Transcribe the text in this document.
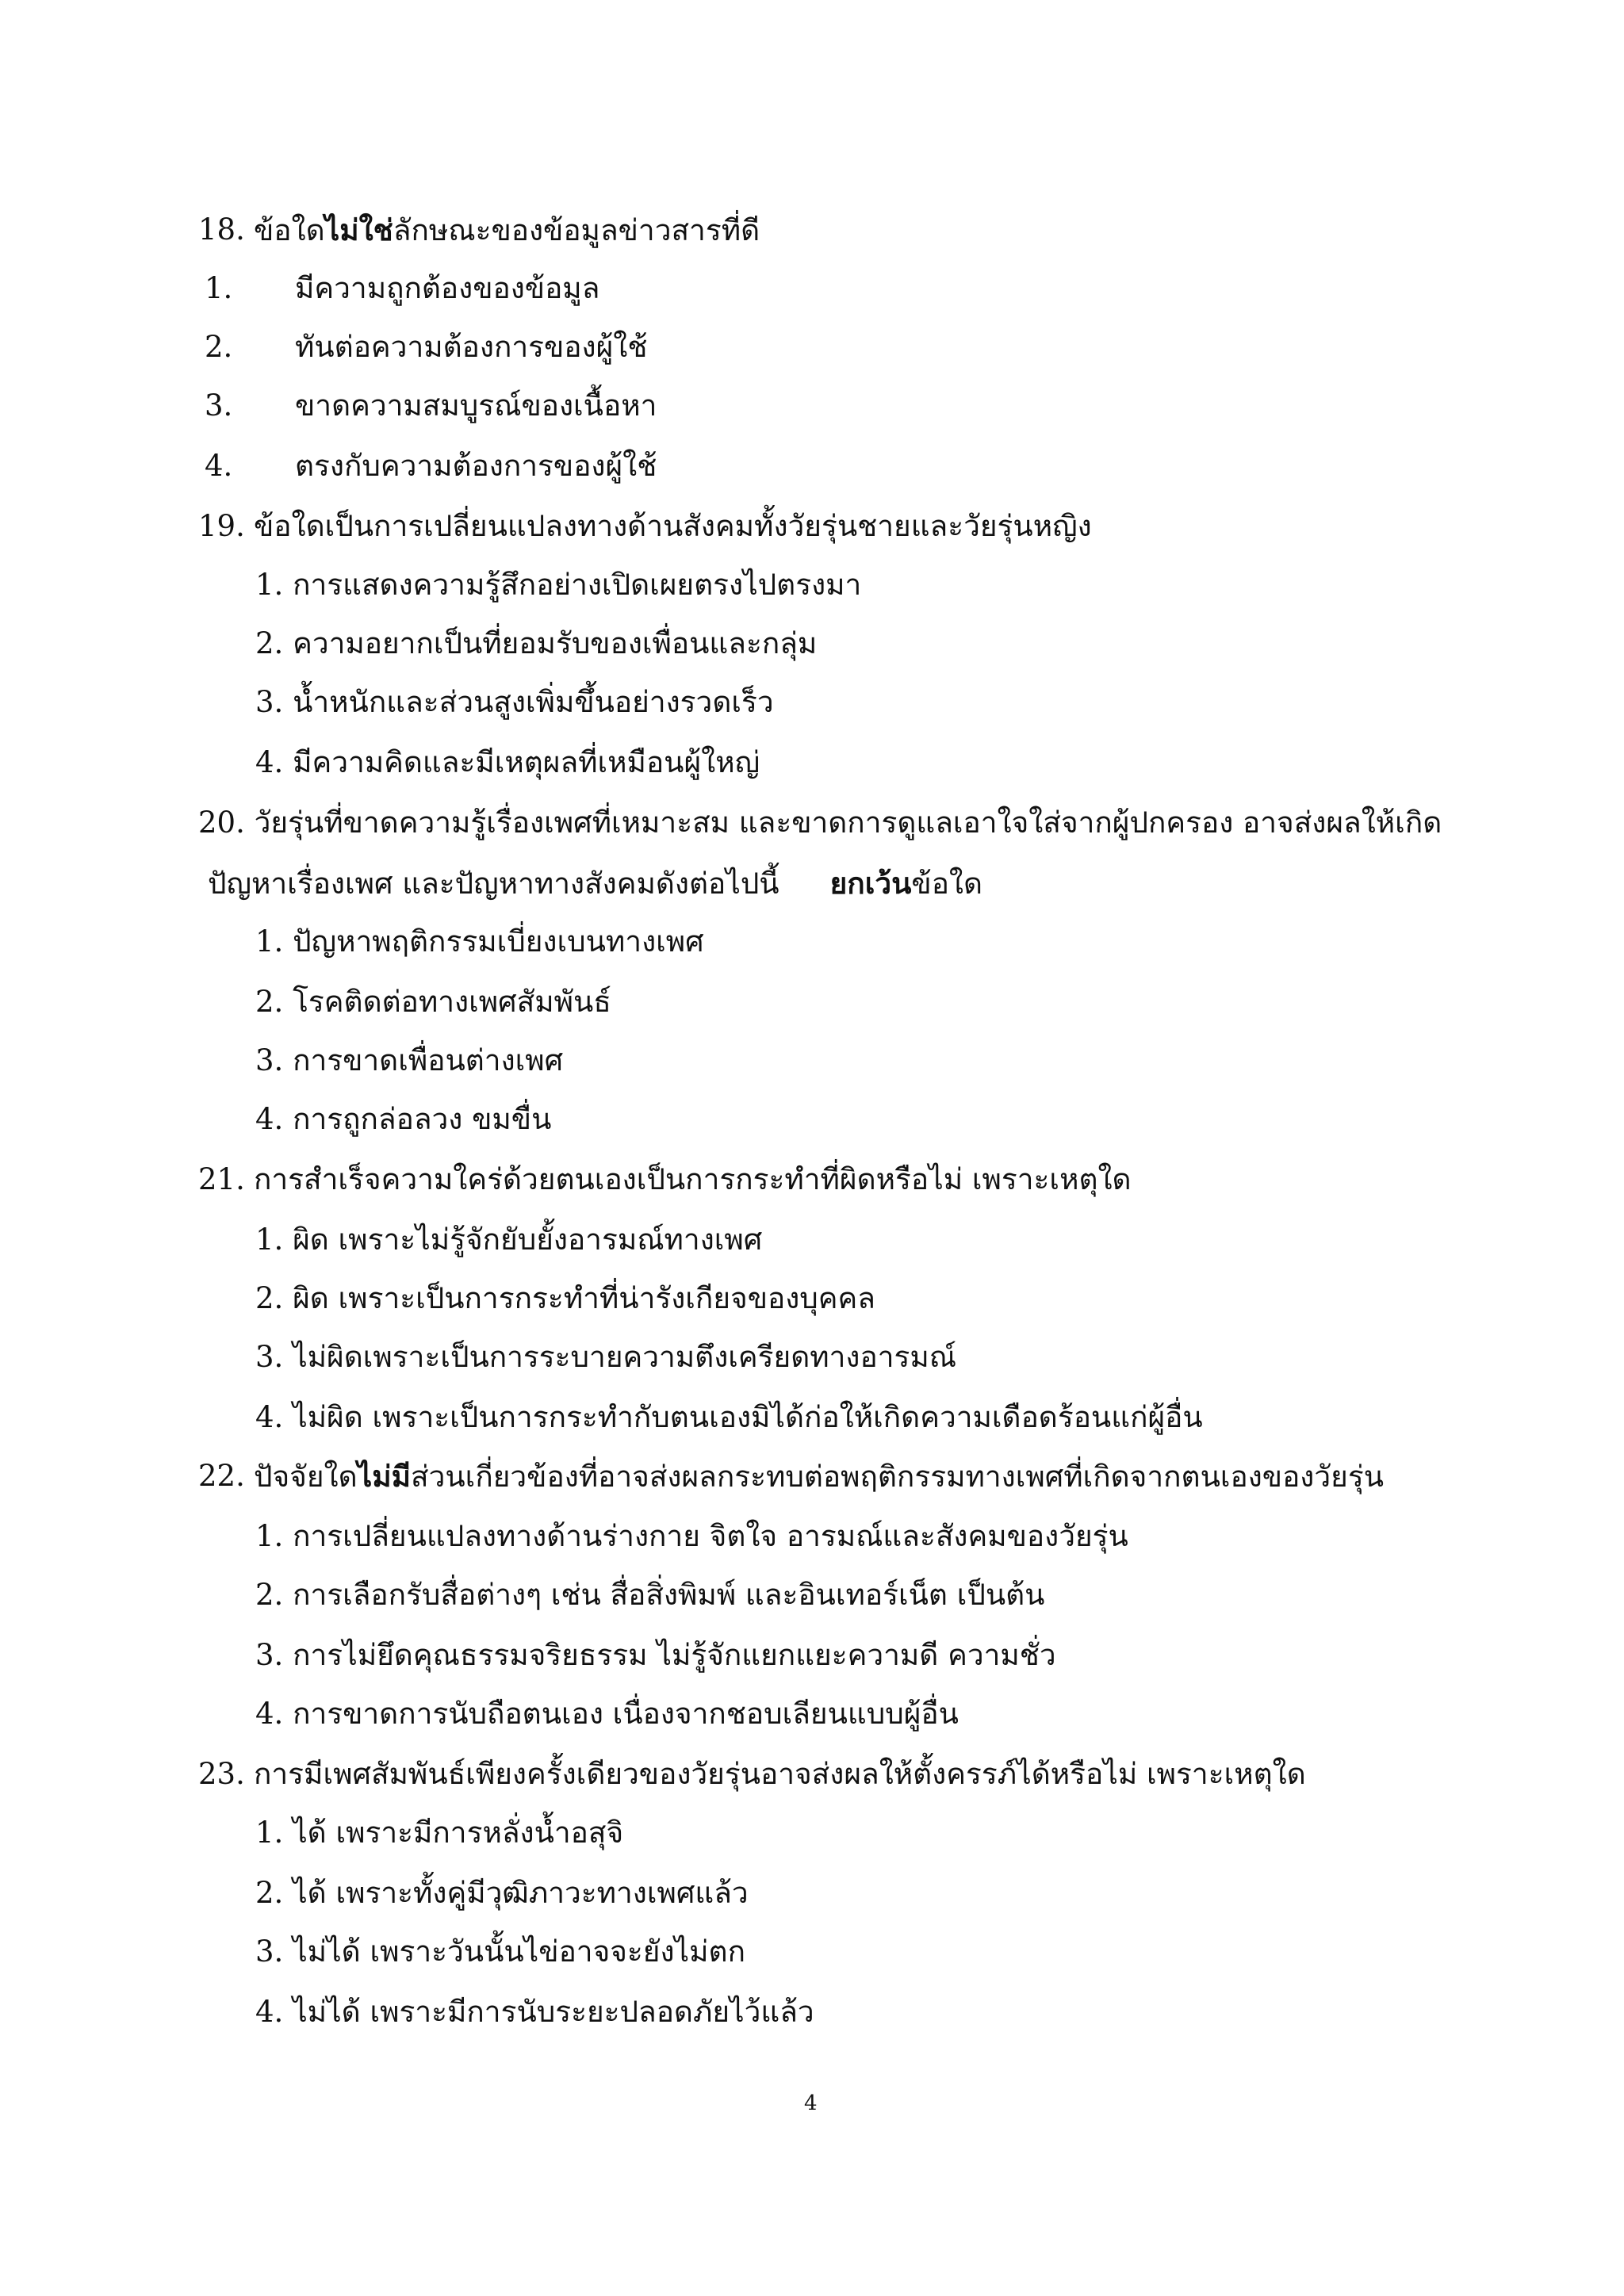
18. ข้อใดไม่ใช่ลักษณะของข้อมูลข่าวสารที่ดี
1. มีความถูกต้องของข้อมูล
2. ทันต่อความต้องการของผู้ใช้
3. ขาดความสมบูรณ์ของเนื้อหา
4. ตรงกับความต้องการของผู้ใช้
19. ข้อใดเป็นการเปลี่ยนแปลงทางด้านสังคมทั้งวัยรุ่นชายและวัยรุ่นหญิง
1. การแสดงความรู้สึกอย่างเปิดเผยตรงไปตรงมา
2. ความอยากเป็นที่ยอมรับของเพื่อนและกลุ่ม
3. น้ำหนักและส่วนสูงเพิ่มขึ้นอย่างรวดเร็ว
4. มีความคิดและมีเหตุผลที่เหมือนผู้ใหญ่
20. วัยรุ่นที่ขาดความรู้เรื่องเพศที่เหมาะสม และขาดการดูแลเอาใจใส่จากผู้ปกครอง อาจส่งผลให้เกิด
ปัญหาเรื่องเพศ และปัญหาทางสังคมดังต่อไปนี้ ยกเว้นข้อใด
1. ปัญหาพฤติกรรมเบี่ยงเบนทางเพศ
2. โรคติดต่อทางเพศสัมพันธ์
3. การขาดเพื่อนต่างเพศ
4. การถูกล่อลวง ขมขื่น
21. การสำเร็จความใคร่ด้วยตนเองเป็นการกระทำที่ผิดหรือไม่ เพราะเหตุใด
1. ผิด เพราะไม่รู้จักยับยั้งอารมณ์ทางเพศ
2. ผิด เพราะเป็นการกระทำที่น่ารังเกียจของบุคคล
3. ไม่ผิดเพราะเป็นการระบายความตึงเครียดทางอารมณ์
4. ไม่ผิด เพราะเป็นการกระทำกับตนเองมิได้ก่อให้เกิดความเดือดร้อนแก่ผู้อื่น
22. ปัจจัยใดไม่มีส่วนเกี่ยวข้องที่อาจส่งผลกระทบต่อพฤติกรรมทางเพศที่เกิดจากตนเองของวัยรุ่น
1. การเปลี่ยนแปลงทางด้านร่างกาย จิตใจ อารมณ์และสังคมของวัยรุ่น
2. การเลือกรับสื่อต่างๆ เช่น สื่อสิ่งพิมพ์ และอินเทอร์เน็ต เป็นต้น
3. การไม่ยึดคุณธรรมจริยธรรม ไม่รู้จักแยกแยะความดี ความชั่ว
4. การขาดการนับถือตนเอง เนื่องจากชอบเลียนแบบผู้อื่น
23. การมีเพศสัมพันธ์เพียงครั้งเดียวของวัยรุ่นอาจส่งผลให้ตั้งครรภ์ได้หรือไม่ เพราะเหตุใด
1. ได้ เพราะมีการหลั่งน้ำอสุจิ
2. ได้ เพราะทั้งคู่มีวุฒิภาวะทางเพศแล้ว
3. ไม่ได้ เพราะวันนั้นไข่อาจจะยังไม่ตก
4. ไม่ได้ เพราะมีการนับระยะปลอดภัยไว้แล้ว
4
